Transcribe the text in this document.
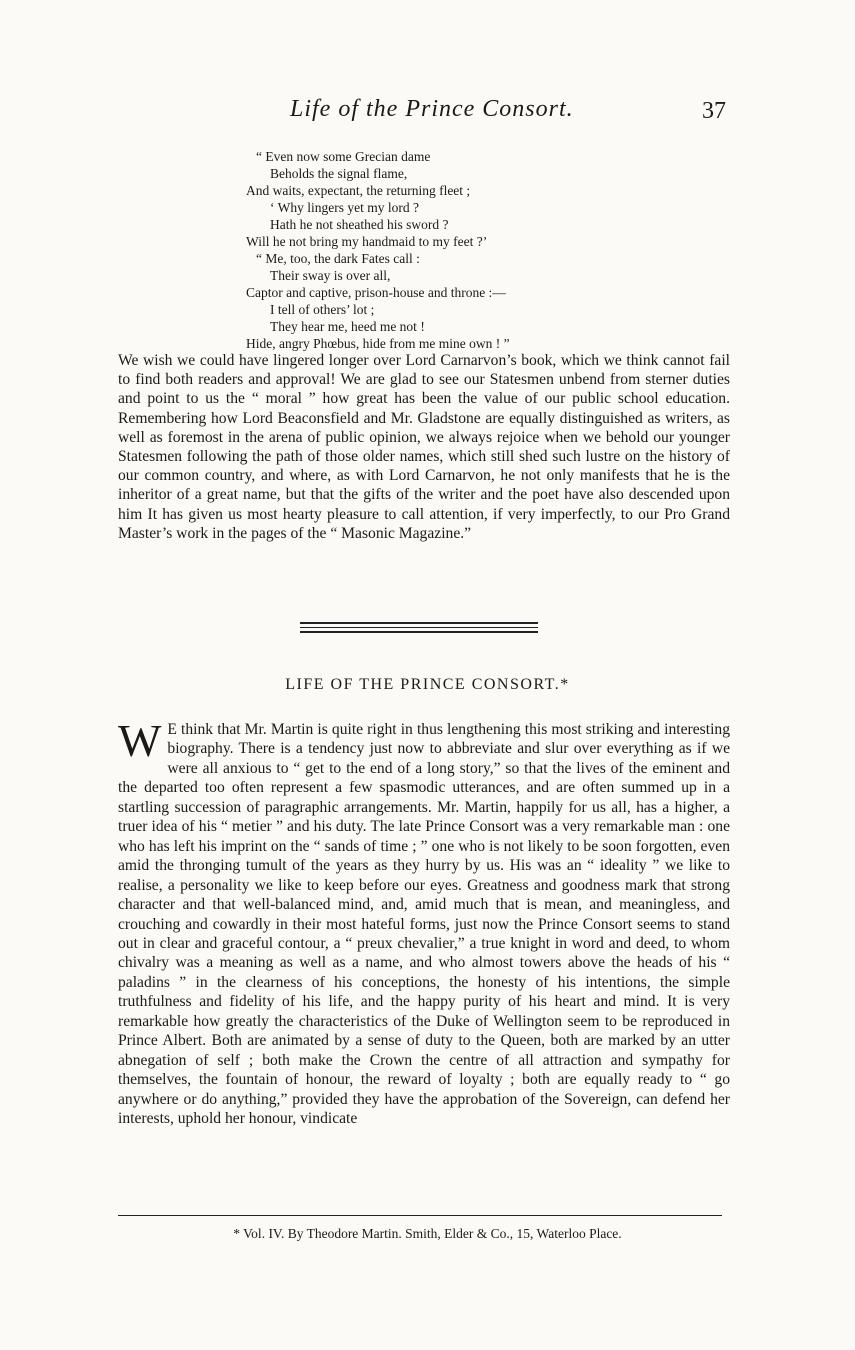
Life of the Prince Consort.	37
“ Even now some Grecian dame
Beholds the signal flame,
And waits, expectant, the returning fleet ;
‘ Why lingers yet my lord ?
Hath he not sheathed his sword ?
Will he not bring my handmaid to my feet ?’
“ Me, too, the dark Fates call :
Their sway is over all,
Captor and captive, prison-house and throne :—
I tell of others’ lot ;
They hear me, heed me not !
Hide, angry Phœbus, hide from me mine own ! ”

We wish we could have lingered longer over Lord Carnarvon’s book, which we think cannot fail to find both readers and approval! We are glad to see our Statesmen unbend from sterner duties and point to us the “ moral ” how great has been the value of our public school education. Remembering how Lord Beaconsfield and Mr. Gladstone are equally distinguished as writers, as well as foremost in the arena of public opinion, we always rejoice when we behold our younger Statesmen following the path of those older names, which still shed such lustre on the history of our common country, and where, as with Lord Carnarvon, he not only manifests that he is the inheritor of a great name, but that the gifts of the writer and the poet have also descended upon him It has given us most hearty pleasure to call attention, if very imperfectly, to our Pro Grand Master’s work in the pages of the “ Masonic Magazine.”

LIFE OF THE PRINCE CONSORT.*

W E think that Mr. Martin is quite right in thus lengthening this most striking and interesting biography. There is a tendency just now to abbreviate and slur over everything as if we were all anxious to “ get to the end of a long story,” so that the lives of the eminent and the departed too often represent a few spasmodic utterances, and are often summed up in a startling succession of paragraphic arrangements. Mr. Martin, happily for us all, has a higher, a truer idea of his “ metier ” and his duty. The late Prince Consort was a very remarkable man : one who has left his imprint on the “ sands of time ; ” one who is not likely to be soon forgotten, even amid the thronging tumult of the years as they hurry by us. His was an “ ideality ” we like to realise, a personality we like to keep before our eyes. Greatness and goodness mark that strong character and that well-balanced mind, and, amid much that is mean, and meaningless, and crouching and cowardly in their most hateful forms, just now the Prince Consort seems to stand out in clear and graceful contour, a “ preux chevalier,” a true knight in word and deed, to whom chivalry was a meaning as well as a name, and who almost towers above the heads of his “ paladins ” in the clearness of his conceptions, the honesty of his intentions, the simple truthfulness and fidelity of his life, and the happy purity of his heart and mind. It is very remarkable how greatly the characteristics of the Duke of Wellington seem to be reproduced in Prince Albert. Both are animated by a sense of duty to the Queen, both are marked by an utter abnegation of self ; both make the Crown the centre of all attraction and sympathy for themselves, the fountain of honour, the reward of loyalty ; both are equally ready to “ go anywhere or do anything,” provided they have the approbation of the Sovereign, can defend her interests, uphold her honour, vindicate

* Vol. IV. By Theodore Martin. Smith, Elder & Co., 15, Waterloo Place.
